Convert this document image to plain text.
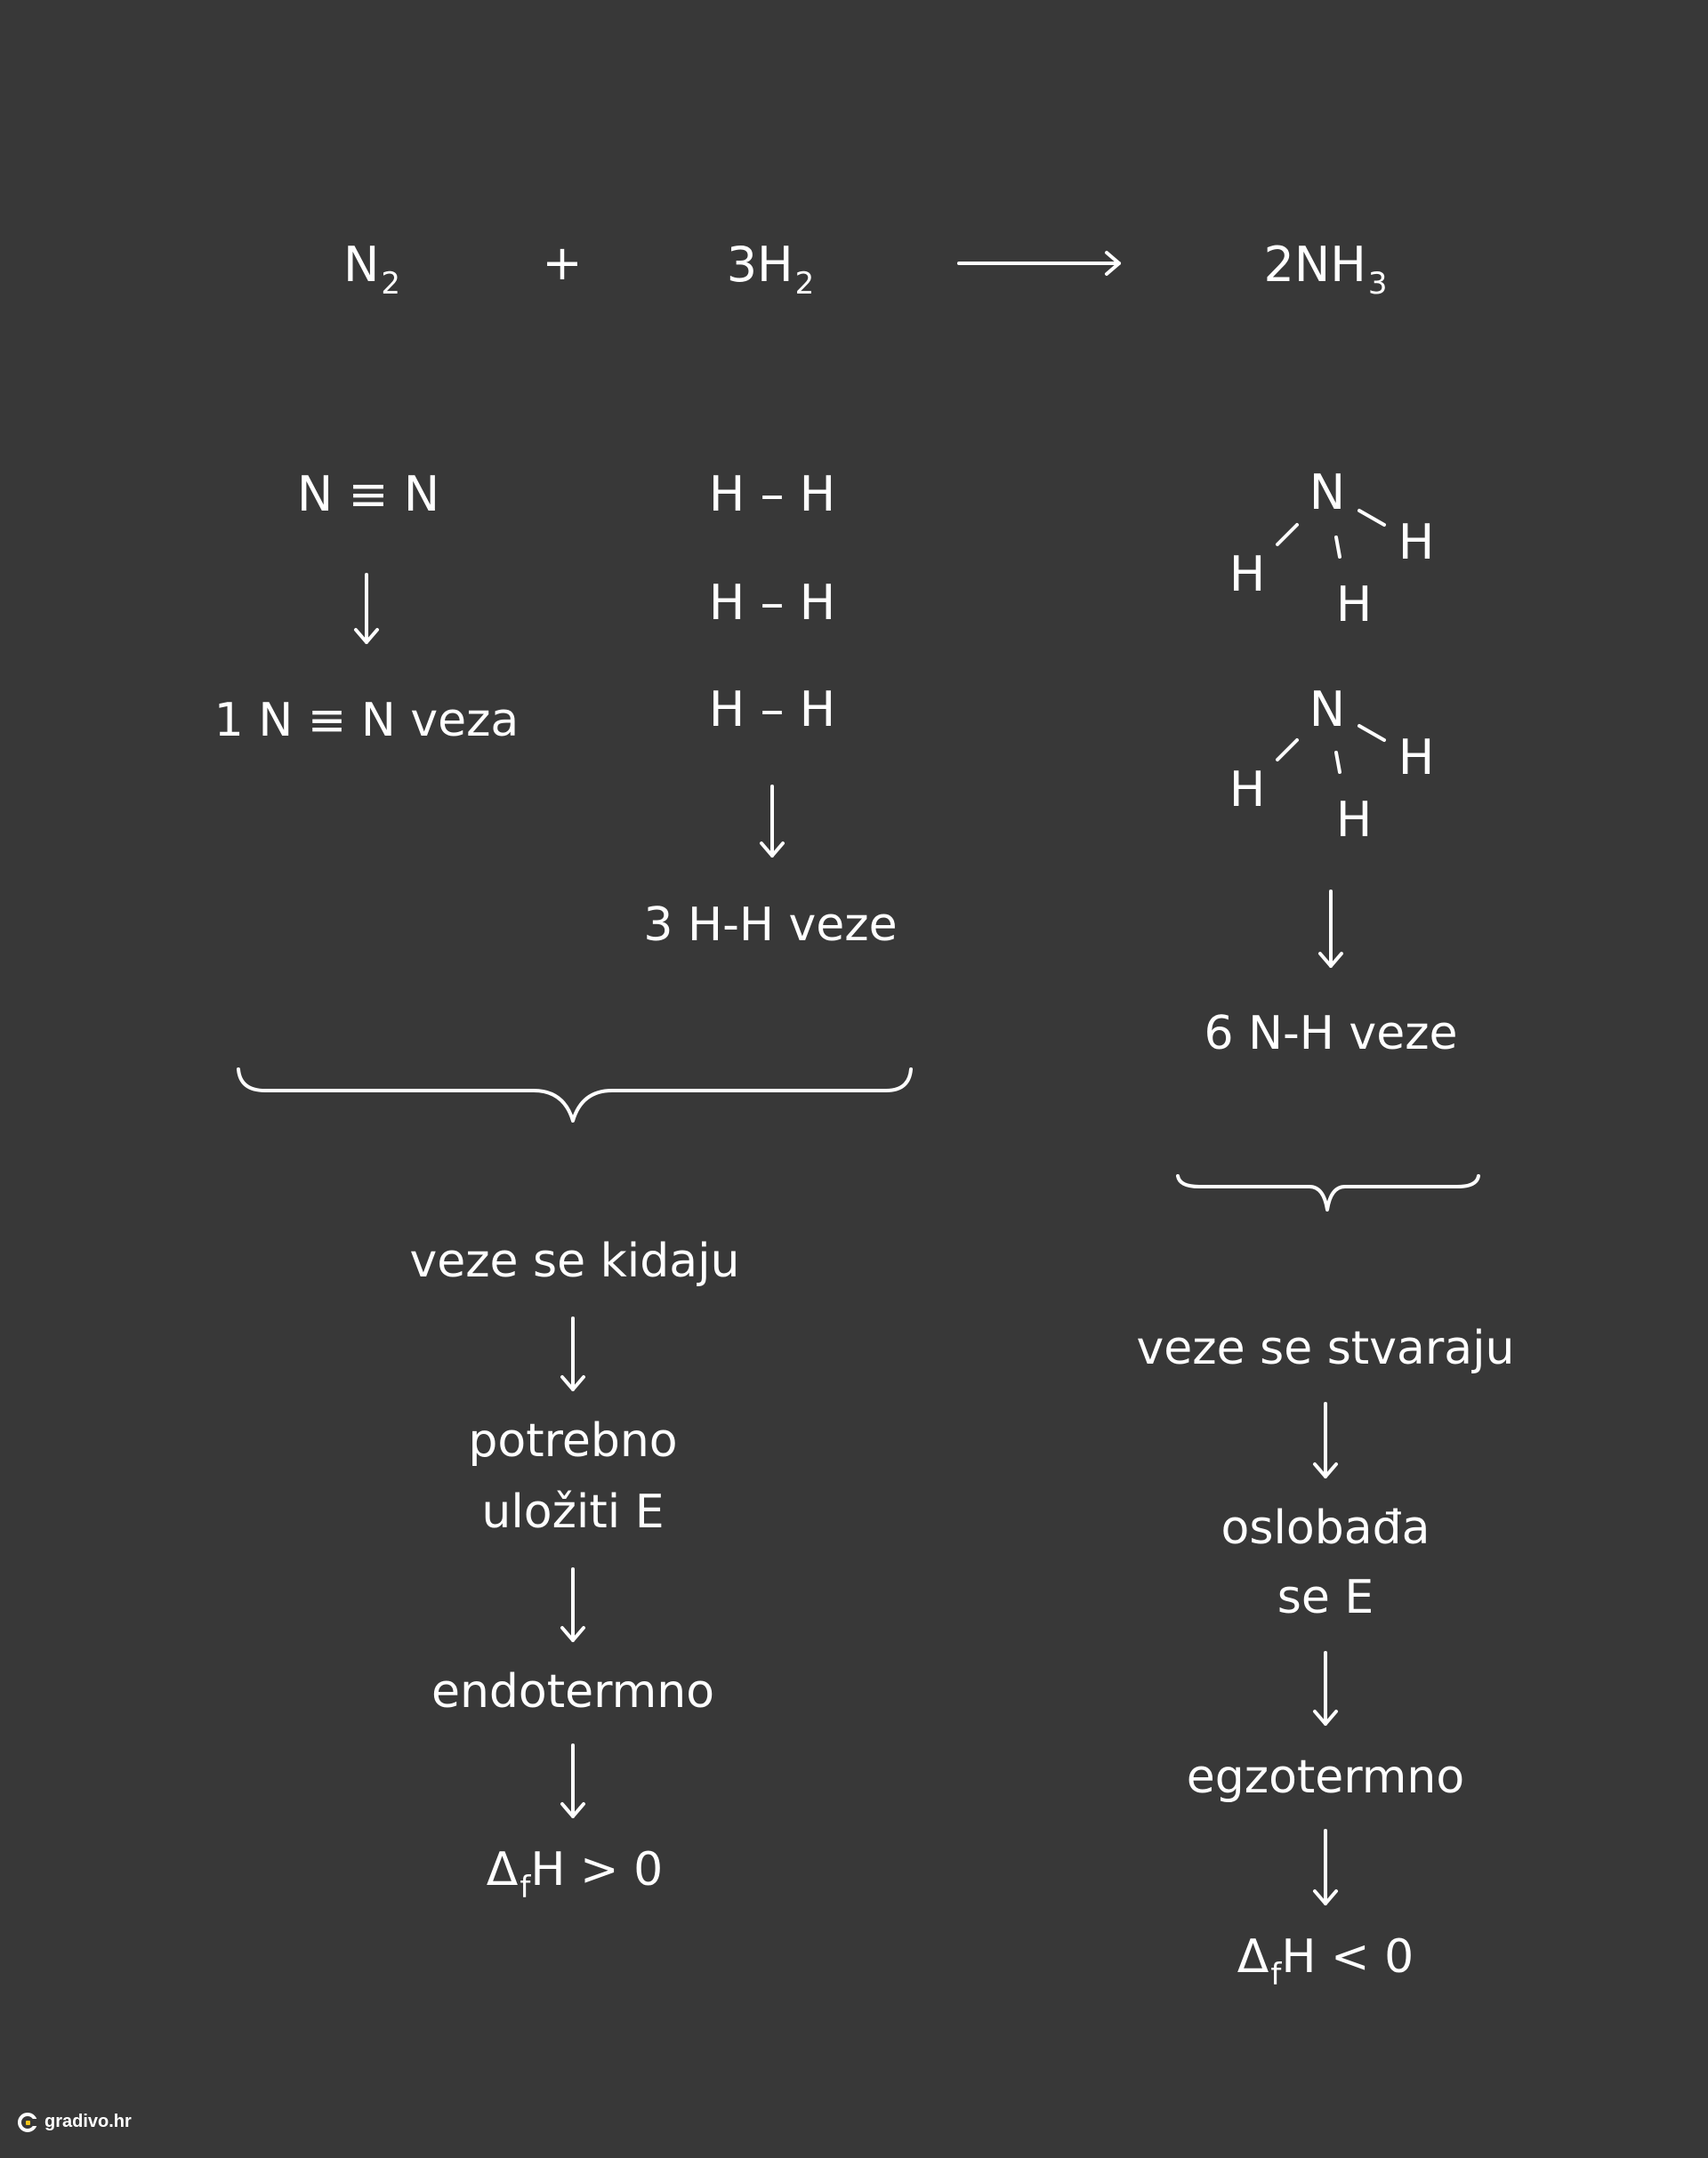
$N_2$	+	$3H_2$	$2NH_3$
N ≡ N	H – H
H – H
H – H
N
H
H
H
N
H
H
H
1 N ≡ N veza
3 H-H veze
6 N-H veze
veze se kidaju
potrebno
uložiti E
endotermno
$\Delta_fH > 0$
veze se stvaraju
oslobađa
se E
egzotermno
$\Delta_fH < 0$
gradivo.hr
